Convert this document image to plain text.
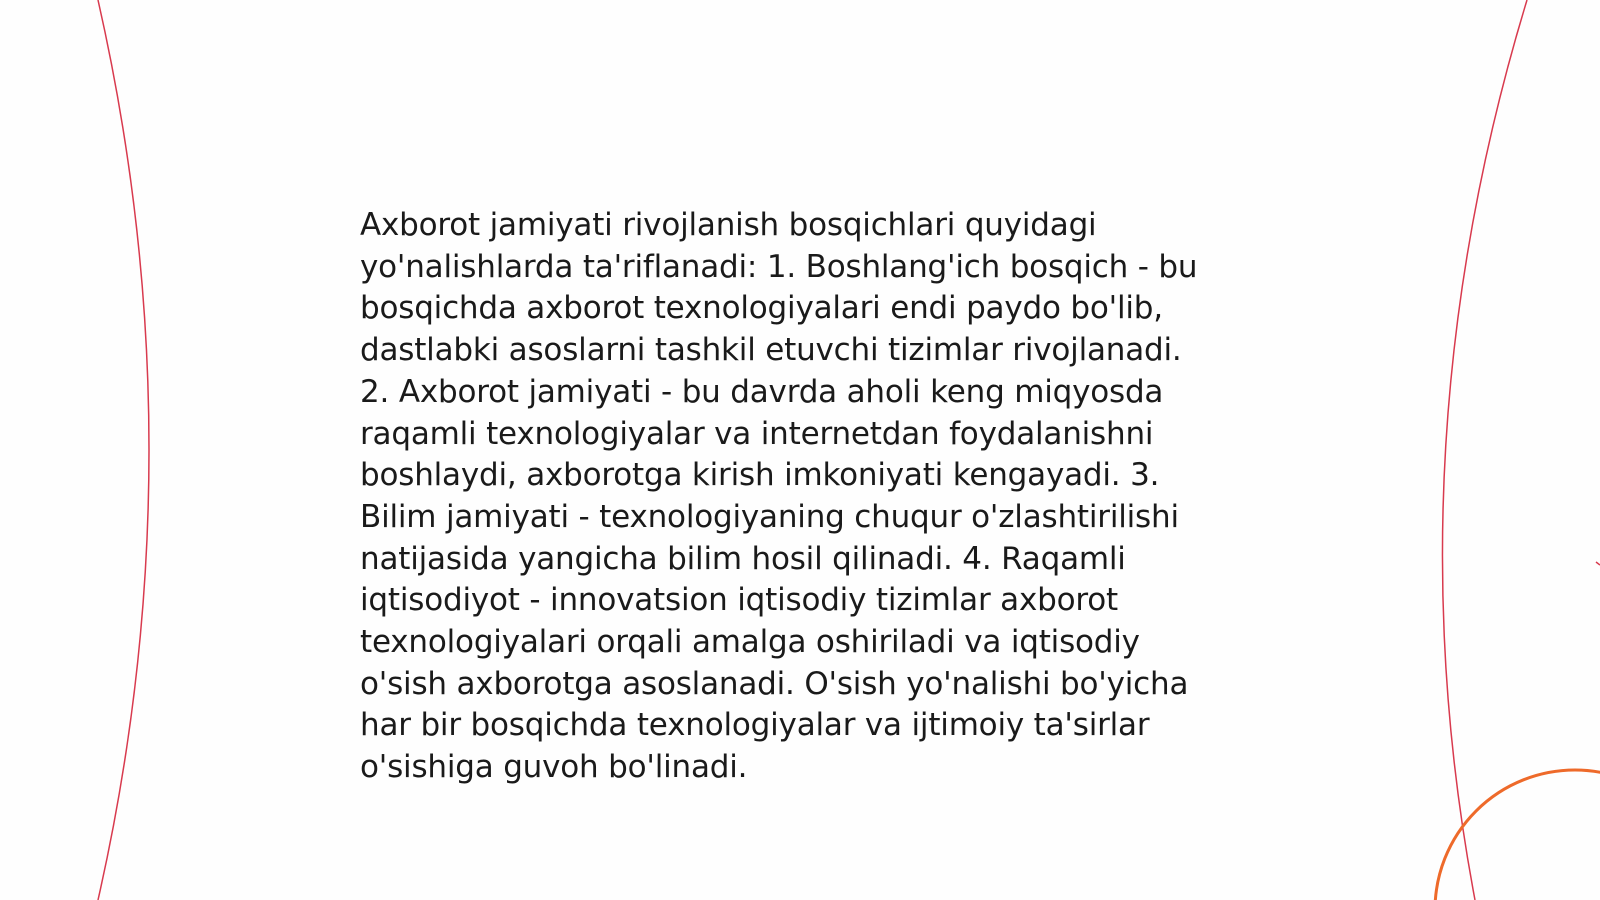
Axborot jamiyati rivojlanish bosqichlari quyidagi
yo'nalishlarda ta'riflanadi: 1. Boshlang'ich bosqich - bu
bosqichda axborot texnologiyalari endi paydo bo'lib,
dastlabki asoslarni tashkil etuvchi tizimlar rivojlanadi.
2. Axborot jamiyati - bu davrda aholi keng miqyosda
raqamli texnologiyalar va internetdan foydalanishni
boshlaydi, axborotga kirish imkoniyati kengayadi. 3.
Bilim jamiyati - texnologiyaning chuqur o'zlashtirilishi
natijasida yangicha bilim hosil qilinadi. 4. Raqamli
iqtisodiyot - innovatsion iqtisodiy tizimlar axborot
texnologiyalari orqali amalga oshiriladi va iqtisodiy
o'sish axborotga asoslanadi. O'sish yo'nalishi bo'yicha
har bir bosqichda texnologiyalar va ijtimoiy ta'sirlar
o'sishiga guvoh bo'linadi.
